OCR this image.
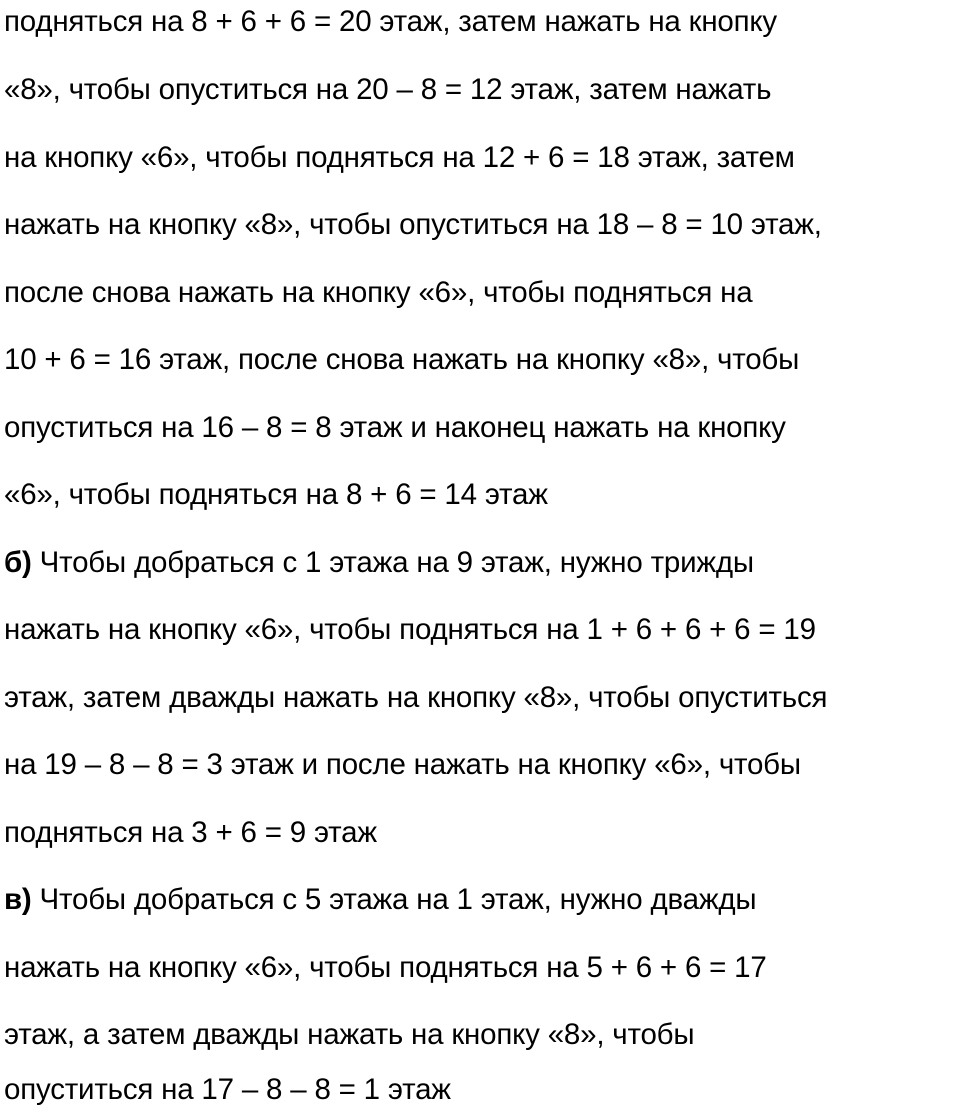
подняться на 8 + 6 + 6 = 20 этаж, затем нажать на кнопку
«8», чтобы опуститься на 20 – 8 = 12 этаж, затем нажать
на кнопку «6», чтобы подняться на 12 + 6 = 18 этаж, затем
нажать на кнопку «8», чтобы опуститься на 18 – 8 = 10 этаж,
после снова нажать на кнопку «6», чтобы подняться на
10 + 6 = 16 этаж, после снова нажать на кнопку «8», чтобы
опуститься на 16 – 8 = 8 этаж и наконец нажать на кнопку
«6», чтобы подняться на 8 + 6 = 14 этаж
б) Чтобы добраться с 1 этажа на 9 этаж, нужно трижды
нажать на кнопку «6», чтобы подняться на 1 + 6 + 6 + 6 = 19
этаж, затем дважды нажать на кнопку «8», чтобы опуститься
на 19 – 8 – 8 = 3 этаж и после нажать на кнопку «6», чтобы
подняться на 3 + 6 = 9 этаж
в) Чтобы добраться с 5 этажа на 1 этаж, нужно дважды
нажать на кнопку «6», чтобы подняться на 5 + 6 + 6 = 17
этаж, а затем дважды нажать на кнопку «8», чтобы
опуститься на 17 – 8 – 8 = 1 этаж
